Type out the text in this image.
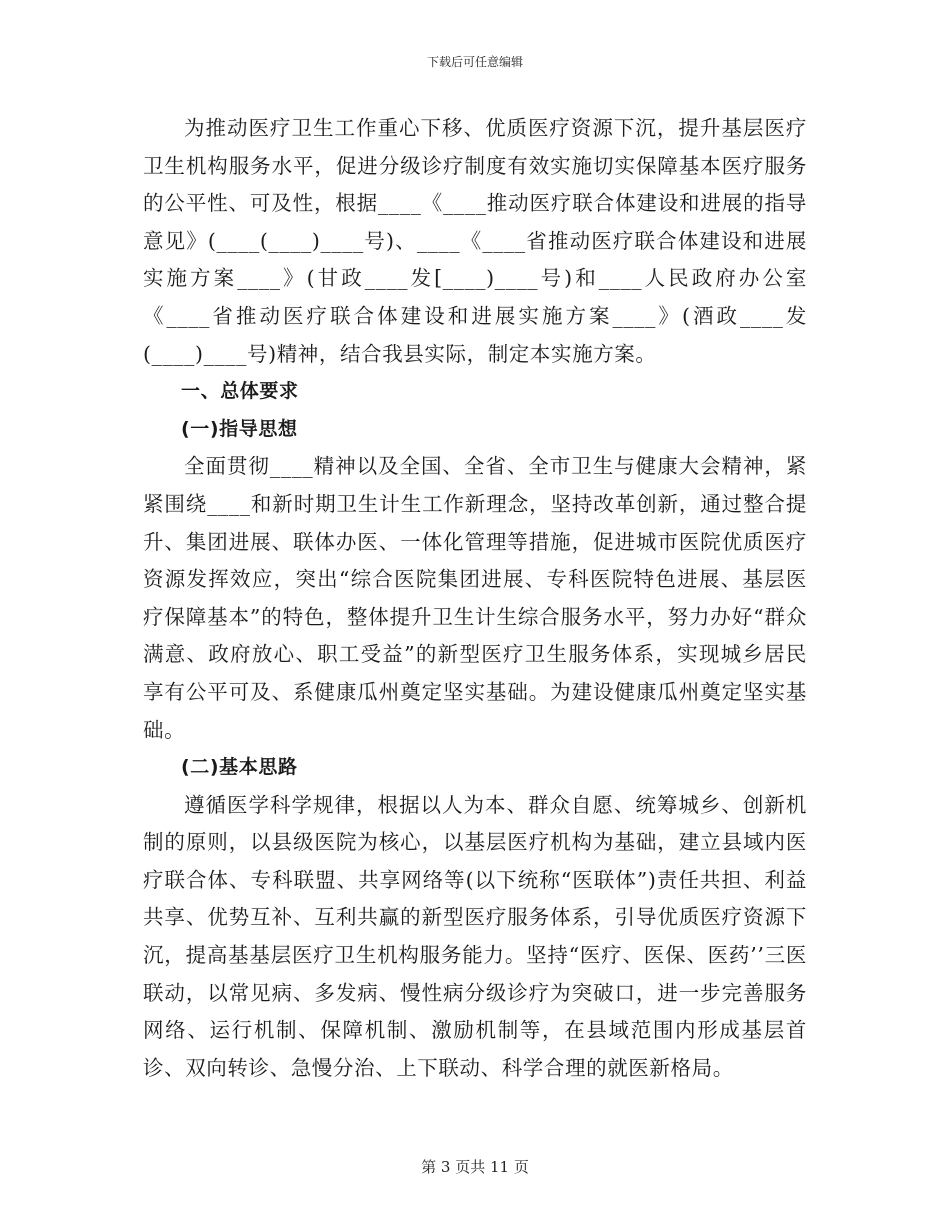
下载后可任意编辑

为推动医疗卫生工作重心下移、优质医疗资源下沉，提升基层医疗卫生机构服务水平，促进分级诊疗制度有效实施切实保障基本医疗服务的公平性、可及性，根据____《____推动医疗联合体建设和进展的指导意见》(____(____)____号)、____《____省推动医疗联合体建设和进展实施方案____》(甘政____发[____)____号)和____人民政府办公室《____省推动医疗联合体建设和进展实施方案____》(酒政____发(____)____号)精神，结合我县实际，制定本实施方案。

一、总体要求

(一)指导思想

全面贯彻____精神以及全国、全省、全市卫生与健康大会精神，紧紧围绕____和新时期卫生计生工作新理念，坚持改革创新，通过整合提升、集团进展、联体办医、一体化管理等措施，促进城市医院优质医疗资源发挥效应，突出“综合医院集团进展、专科医院特色进展、基层医疗保障基本”的特色，整体提升卫生计生综合服务水平，努力办好“群众满意、政府放心、职工受益”的新型医疗卫生服务体系，实现城乡居民享有公平可及、系健康瓜州奠定坚实基础。为建设健康瓜州奠定坚实基础。

(二)基本思路

遵循医学科学规律，根据以人为本、群众自愿、统筹城乡、创新机制的原则，以县级医院为核心，以基层医疗机构为基础，建立县域内医疗联合体、专科联盟、共享网络等(以下统称“医联体”)责任共担、利益共享、优势互补、互利共赢的新型医疗服务体系，引导优质医疗资源下沉，提高基基层医疗卫生机构服务能力。坚持“医疗、医保、医药’’三医联动，以常见病、多发病、慢性病分级诊疗为突破口，进一步完善服务网络、运行机制、保障机制、激励机制等，在县域范围内形成基层首诊、双向转诊、急慢分治、上下联动、科学合理的就医新格局。

第 3 页共 11 页
